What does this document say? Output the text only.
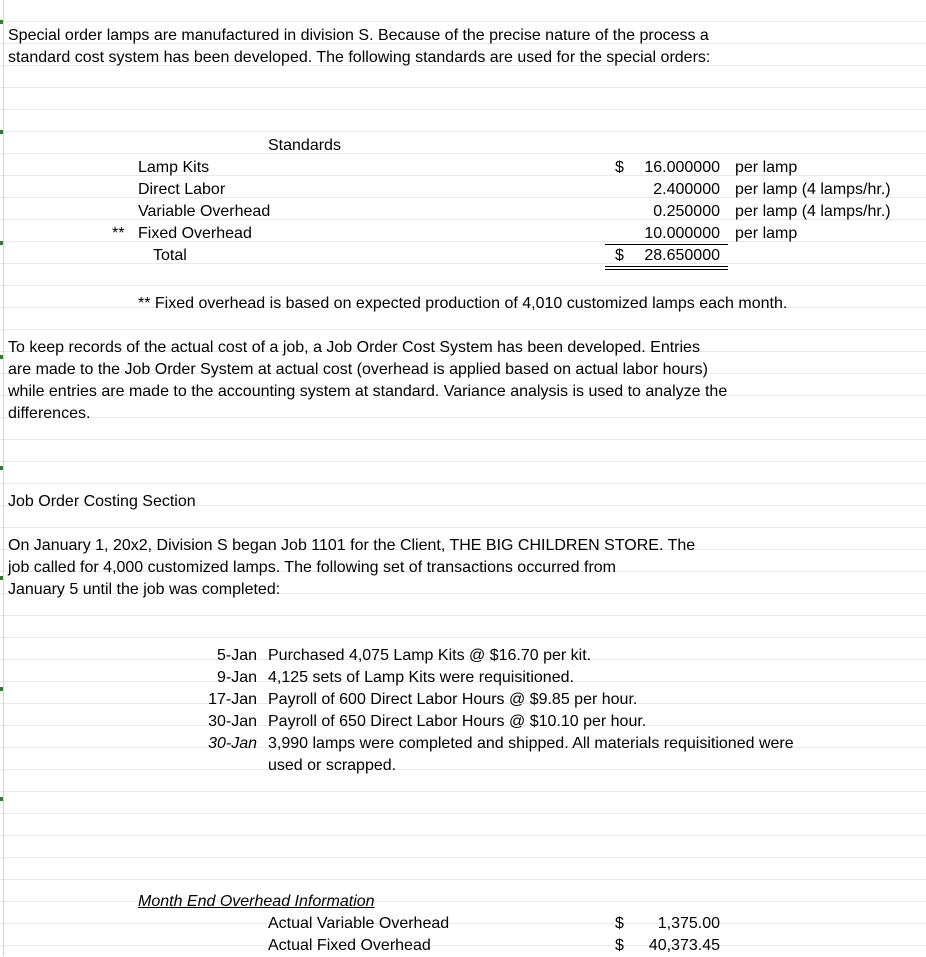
Special order lamps are manufactured in division S. Because of the precise nature of the process a
standard cost system has been developed. The following standards are used for the special orders:
Standards
Lamp Kits	$	16.000000 per lamp
Direct Labor	2.400000 per lamp (4 lamps/hr.)
Variable Overhead	0.250000 per lamp (4 lamps/hr.)
** Fixed Overhead	10.000000 per lamp
Total	$	28.650000
** Fixed overhead is based on expected production of 4,010 customized lamps each month.
To keep records of the actual cost of a job, a Job Order Cost System has been developed. Entries
are made to the Job Order System at actual cost (overhead is applied based on actual labor hours)
while entries are made to the accounting system at standard. Variance analysis is used to analyze the
differences.
Job Order Costing Section
On January 1, 20x2, Division S began Job 1101 for the Client, THE BIG CHILDREN STORE. The
job called for 4,000 customized lamps. The following set of transactions occurred from
January 5 until the job was completed:
5-Jan Purchased 4,075 Lamp Kits @ $16.70 per kit.
9-Jan 4,125 sets of Lamp Kits were requisitioned.
17-Jan Payroll of 600 Direct Labor Hours @ $9.85 per hour.
30-Jan Payroll of 650 Direct Labor Hours @ $10.10 per hour.
30-Jan 3,990 lamps were completed and shipped. All materials requisitioned were
used or scrapped.
Month End Overhead Information
Actual Variable Overhead	$	1,375.00
Actual Fixed Overhead	$	40,373.45
